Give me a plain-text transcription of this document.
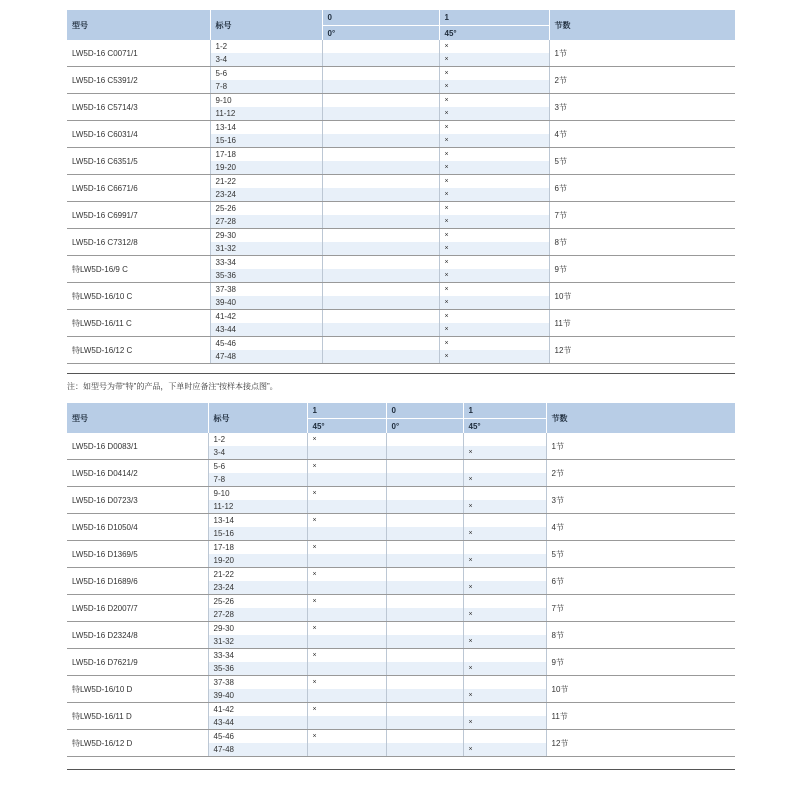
型号	标号	0	1	节数
		0°	45°	
LW5D-16 C0071/1	1-2		×	1节
	3-4		×	
LW5D-16 C5391/2	5-6		×	2节
	7-8		×	
LW5D-16 C5714/3	9-10		×	3节
	11-12		×	
LW5D-16 C6031/4	13-14		×	4节
	15-16		×	
LW5D-16 C6351/5	17-18		×	5节
	19-20		×	
LW5D-16 C6671/6	21-22		×	6节
	23-24		×	
LW5D-16 C6991/7	25-26		×	7节
	27-28		×	
LW5D-16 C7312/8	29-30		×	8节
	31-32		×	
特LW5D-16/9 C	33-34		×	9节
	35-36		×	
特LW5D-16/10 C	37-38		×	10节
	39-40		×	
特LW5D-16/11 C	41-42		×	11节
	43-44		×	
特LW5D-16/12 C	45-46		×	12节
	47-48		×	
注：如型号为带“特”的产品，下单时应备注“按样本接点图”。
型号	标号	1	0	1	节数
		45°	0°	45°	
LW5D-16 D0083/1	1-2	×			1节
	3-4			×	
LW5D-16 D0414/2	5-6	×			2节
	7-8			×	
LW5D-16 D0723/3	9-10	×			3节
	11-12			×	
LW5D-16 D1050/4	13-14	×			4节
	15-16			×	
LW5D-16 D1369/5	17-18	×			5节
	19-20			×	
LW5D-16 D1689/6	21-22	×			6节
	23-24			×	
LW5D-16 D2007/7	25-26	×			7节
	27-28			×	
LW5D-16 D2324/8	29-30	×			8节
	31-32			×	
LW5D-16 D7621/9	33-34	×			9节
	35-36			×	
特LW5D-16/10 D	37-38	×			10节
	39-40			×	
特LW5D-16/11 D	41-42	×			11节
	43-44			×	
特LW5D-16/12 D	45-46	×			12节
	47-48			×	
